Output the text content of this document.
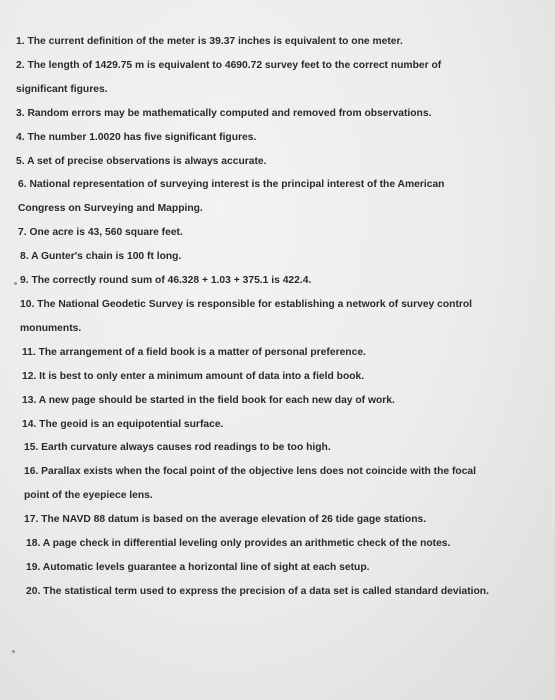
1. The current definition of the meter is 39.37 inches is equivalent to one meter.
2. The length of 1429.75 m is equivalent to 4690.72 survey feet to the correct number of
significant figures.
3. Random errors may be mathematically computed and removed from observations.
4. The number 1.0020 has five significant figures.
5. A set of precise observations is always accurate.
6. National representation of surveying interest is the principal interest of the American
Congress on Surveying and Mapping.
7. One acre is 43, 560 square feet.
8. A Gunter's chain is 100 ft long.
9. The correctly round sum of 46.328 + 1.03 + 375.1 is 422.4.
10. The National Geodetic Survey is responsible for establishing a network of survey control
monuments.
11. The arrangement of a field book is a matter of personal preference.
12. It is best to only enter a minimum amount of data into a field book.
13. A new page should be started in the field book for each new day of work.
14. The geoid is an equipotential surface.
15. Earth curvature always causes rod readings to be too high.
16. Parallax exists when the focal point of the objective lens does not coincide with the focal
point of the eyepiece lens.
17. The NAVD 88 datum is based on the average elevation of 26 tide gage stations.
18. A page check in differential leveling only provides an arithmetic check of the notes.
19. Automatic levels guarantee a horizontal line of sight at each setup.
20. The statistical term used to express the precision of a data set is called standard deviation.
